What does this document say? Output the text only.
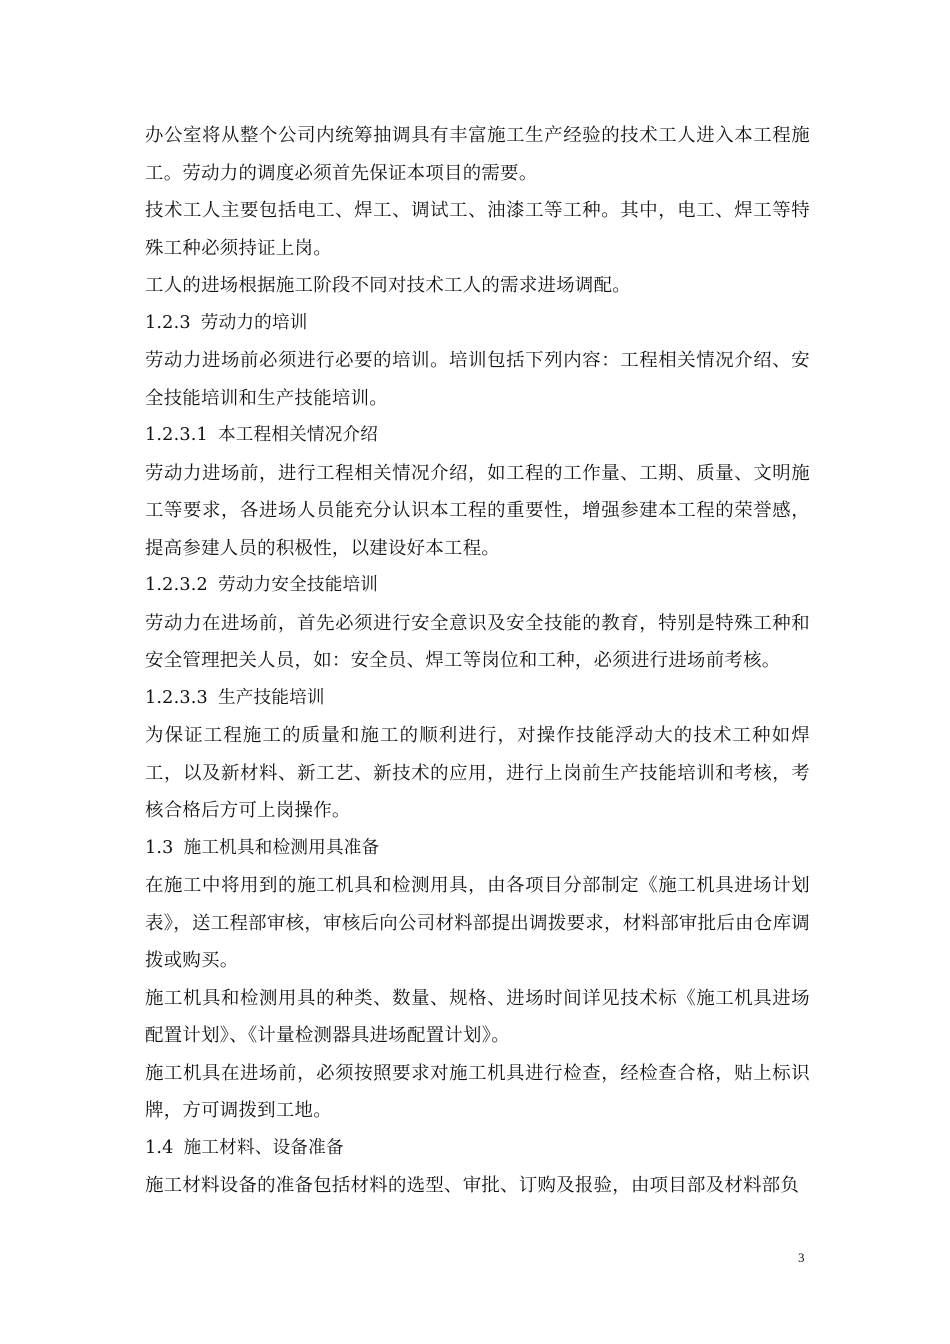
办公室将从整个公司内统筹抽调具有丰富施工生产经验的技术工人进入本工程施工。劳动力的调度必须首先保证本项目的需要。

技术工人主要包括电工、焊工、调试工、油漆工等工种。其中，电工、焊工等特殊工种必须持证上岗。

工人的进场根据施工阶段不同对技术工人的需求进场调配。

1.2.3 劳动力的培训

劳动力进场前必须进行必要的培训。培训包括下列内容：工程相关情况介绍、安全技能培训和生产技能培训。

1.2.3.1 本工程相关情况介绍

劳动力进场前，进行工程相关情况介绍，如工程的工作量、工期、质量、文明施工等要求，各进场人员能充分认识本工程的重要性，增强参建本工程的荣誉感，提高参建人员的积极性，以建设好本工程。

1.2.3.2 劳动力安全技能培训

劳动力在进场前，首先必须进行安全意识及安全技能的教育，特别是特殊工种和安全管理把关人员，如：安全员、焊工等岗位和工种，必须进行进场前考核。

1.2.3.3 生产技能培训

为保证工程施工的质量和施工的顺利进行，对操作技能浮动大的技术工种如焊工，以及新材料、新工艺、新技术的应用，进行上岗前生产技能培训和考核，考核合格后方可上岗操作。

1.3 施工机具和检测用具准备

在施工中将用到的施工机具和检测用具，由各项目分部制定《施工机具进场计划表》，送工程部审核，审核后向公司材料部提出调拨要求，材料部审批后由仓库调拨或购买。

施工机具和检测用具的种类、数量、规格、进场时间详见技术标《施工机具进场配置计划》、《计量检测器具进场配置计划》。

施工机具在进场前，必须按照要求对施工机具进行检查，经检查合格，贴上标识牌，方可调拨到工地。

1.4 施工材料、设备准备

施工材料设备的准备包括材料的选型、审批、订购及报验，由项目部及材料部负

3
